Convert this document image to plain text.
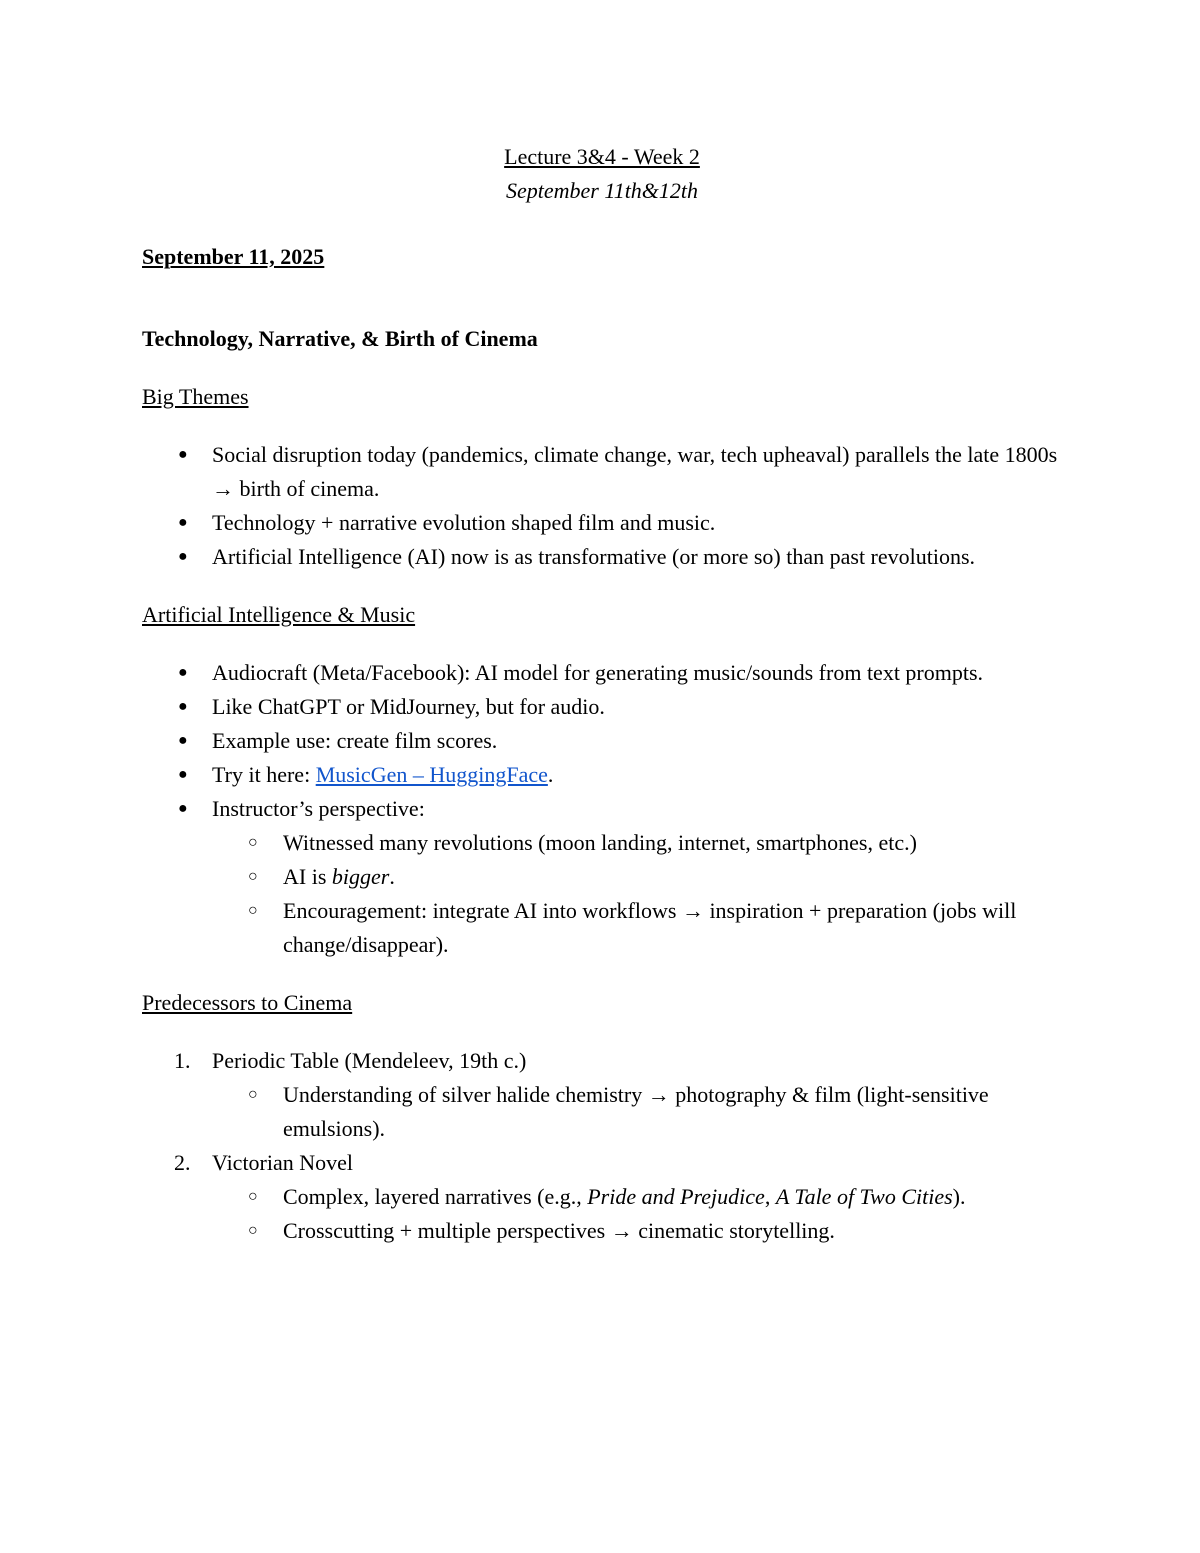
Lecture 3&4 - Week 2
September 11th&12th
September 11, 2025
Technology, Narrative, & Birth of Cinema
Big Themes
●	Social disruption today (pandemics, climate change, war, tech upheaval) parallels the late 1800s → birth of cinema.
●	Technology + narrative evolution shaped film and music.
●	Artificial Intelligence (AI) now is as transformative (or more so) than past revolutions.
Artificial Intelligence & Music
●	Audiocraft (Meta/Facebook): AI model for generating music/sounds from text prompts.
●	Like ChatGPT or MidJourney, but for audio.
●	Example use: create film scores.
●	Try it here: MusicGen – HuggingFace.
●	Instructor’s perspective:
○	Witnessed many revolutions (moon landing, internet, smartphones, etc.)
○	AI is bigger.
○	Encouragement: integrate AI into workflows → inspiration + preparation (jobs will change/disappear).
Predecessors to Cinema
1. Periodic Table (Mendeleev, 19th c.)
○	Understanding of silver halide chemistry → photography & film (light-sensitive emulsions).
2. Victorian Novel
○	Complex, layered narratives (e.g., Pride and Prejudice, A Tale of Two Cities).
○	Crosscutting + multiple perspectives → cinematic storytelling.
